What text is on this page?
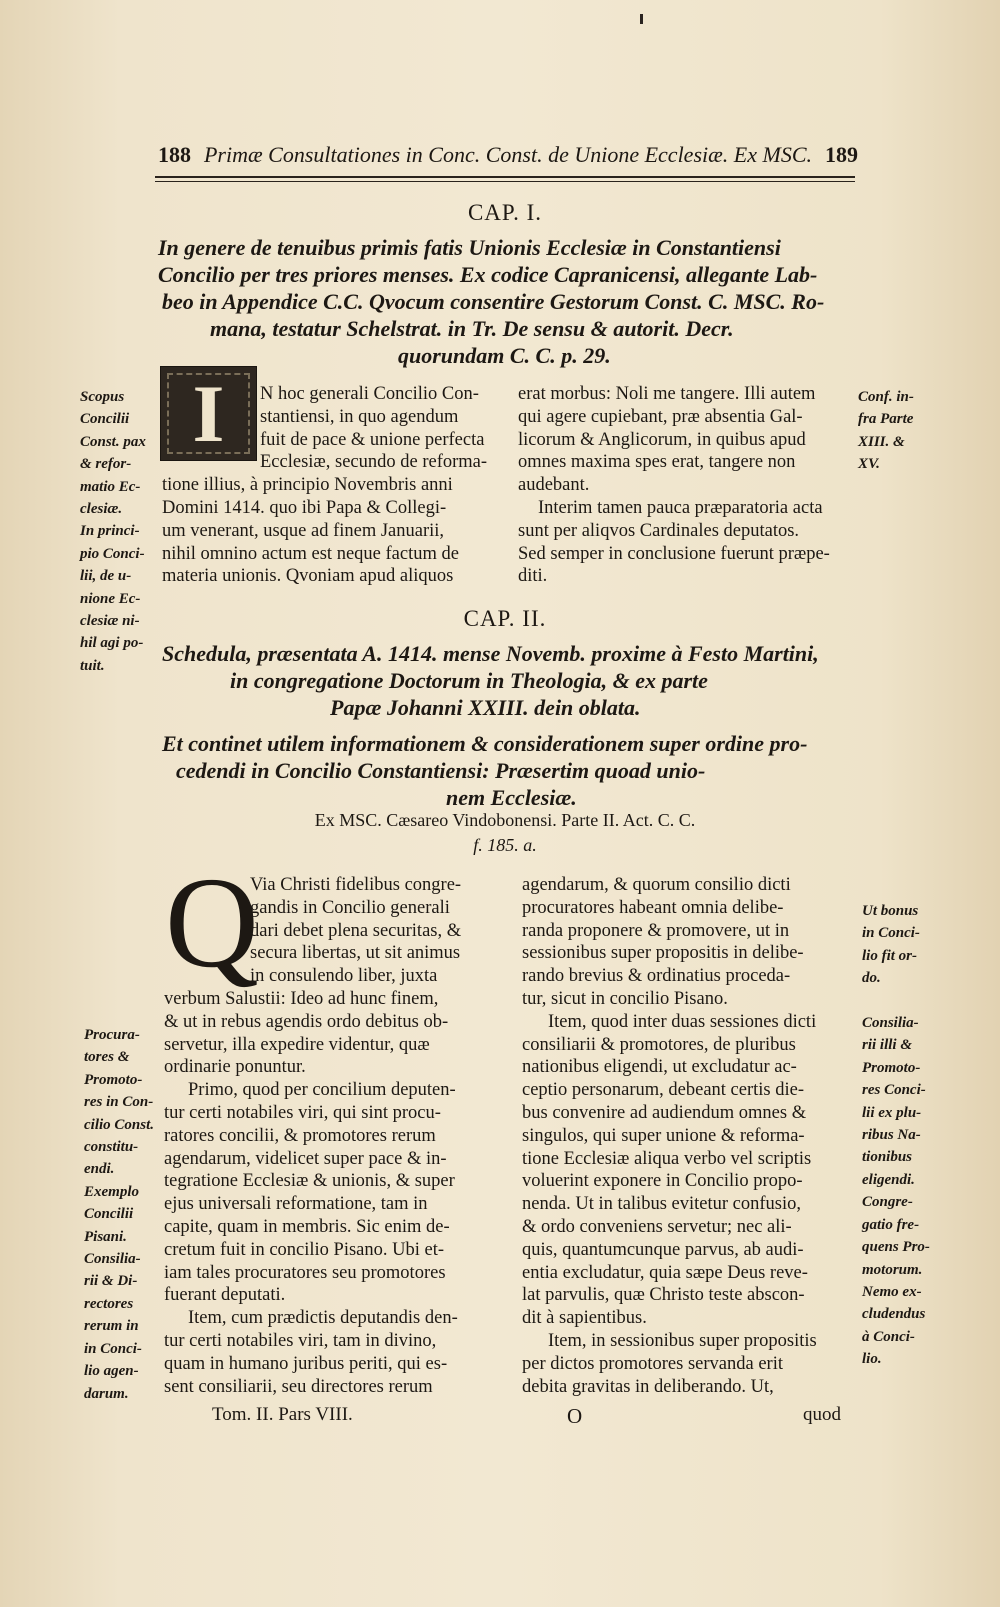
188 Primæ Consultationes in Conc. Const. de Unione Ecclesiæ. Ex MSC. 189
CAP. I.
In genere de tenuibus primis fatis Unionis Ecclesiæ in Constantiensi
Concilio per tres priores menses. Ex codice Capranicensi, allegante Lab-
beo in Appendice C.C. Qvocum consentire Gestorum Const. C. MSC. Ro-
mana, testatur Schelstrat. in Tr. De sensu & autorit. Decr.
quorundam C. C. p. 29.
I
Scopus
Concilii
Const. pax
& refor-
matio Ec-
clesiæ.
In princi-
pio Conci-
lii, de u-
nione Ec-
clesiæ ni-
hil agi po-
tuit.
N hoc generali Concilio Con-
stantiensi, in quo agendum
fuit de pace & unione perfecta
Ecclesiæ, secundo de reforma-
tione illius, à principio Novembris anni
Domini 1414. quo ibi Papa & Collegi-
um venerant, usque ad finem Januarii,
nihil omnino actum est neque factum de
materia unionis. Qvoniam apud aliquos
erat morbus: Noli me tangere. Illi autem
qui agere cupiebant, præ absentia Gal-
licorum & Anglicorum, in quibus apud
omnes maxima spes erat, tangere non
audebant.
Interim tamen pauca præparatoria acta
sunt per aliqvos Cardinales deputatos.
Sed semper in conclusione fuerunt præpe-
diti.
Conf. in-
fra Parte
XIII. &
XV.
CAP. II.
Schedula, præsentata A. 1414. mense Novemb. proxime à Festo Martini,
in congregatione Doctorum in Theologia, & ex parte
Papæ Johanni XXIII. dein oblata.
Et continet utilem informationem & considerationem super ordine pro-
cedendi in Concilio Constantiensi: Præsertim quoad unio-
nem Ecclesiæ.
Ex MSC. Cæsareo Vindobonensi. Parte II. Act. C. C.
f. 185. a.
Q
Procura-
tores &
Promoto-
res in Con-
cilio Const.
constitu-
endi.
Exemplo
Concilii
Pisani.
Consilia-
rii & Di-
rectores
rerum in
in Conci-
lio agen-
darum.
Via Christi fidelibus congre-
gandis in Concilio generali
dari debet plena securitas, &
secura libertas, ut sit animus
in consulendo liber, juxta
verbum Salustii: Ideo ad hunc finem,
& ut in rebus agendis ordo debitus ob-
servetur, illa expedire videntur, quæ
ordinarie ponuntur.
Primo, quod per concilium deputen-
tur certi notabiles viri, qui sint procu-
ratores concilii, & promotores rerum
agendarum, videlicet super pace & in-
tegratione Ecclesiæ & unionis, & super
ejus universali reformatione, tam in
capite, quam in membris. Sic enim de-
cretum fuit in concilio Pisano. Ubi et-
iam tales procuratores seu promotores
fuerant deputati.
Item, cum prædictis deputandis den-
tur certi notabiles viri, tam in divino,
quam in humano juribus periti, qui es-
sent consiliarii, seu directores rerum
agendarum, & quorum consilio dicti
procuratores habeant omnia delibe-
randa proponere & promovere, ut in
sessionibus super propositis in delibe-
rando brevius & ordinatius proceda-
tur, sicut in concilio Pisano.
Item, quod inter duas sessiones dicti
consiliarii & promotores, de pluribus
nationibus eligendi, ut excludatur ac-
ceptio personarum, debeant certis die-
bus convenire ad audiendum omnes &
singulos, qui super unione & reforma-
tione Ecclesiæ aliqua verbo vel scriptis
voluerint exponere in Concilio propo-
nenda. Ut in talibus evitetur confusio,
& ordo conveniens servetur; nec ali-
quis, quantumcunque parvus, ab audi-
entia excludatur, quia sæpe Deus reve-
lat parvulis, quæ Christo teste abscon-
dit à sapientibus.
Item, in sessionibus super propositis
per dictos promotores servanda erit
debita gravitas in deliberando. Ut,
Ut bonus
in Conci-
lio fit or-
do.
Consilia-
rii illi &
Promoto-
res Conci-
lii ex plu-
ribus Na-
tionibus
eligendi.
Congre-
gatio fre-
quens Pro-
motorum.
Nemo ex-
cludendus
à Conci-
lio.
Tom. II. Pars VIII.	O	quod
